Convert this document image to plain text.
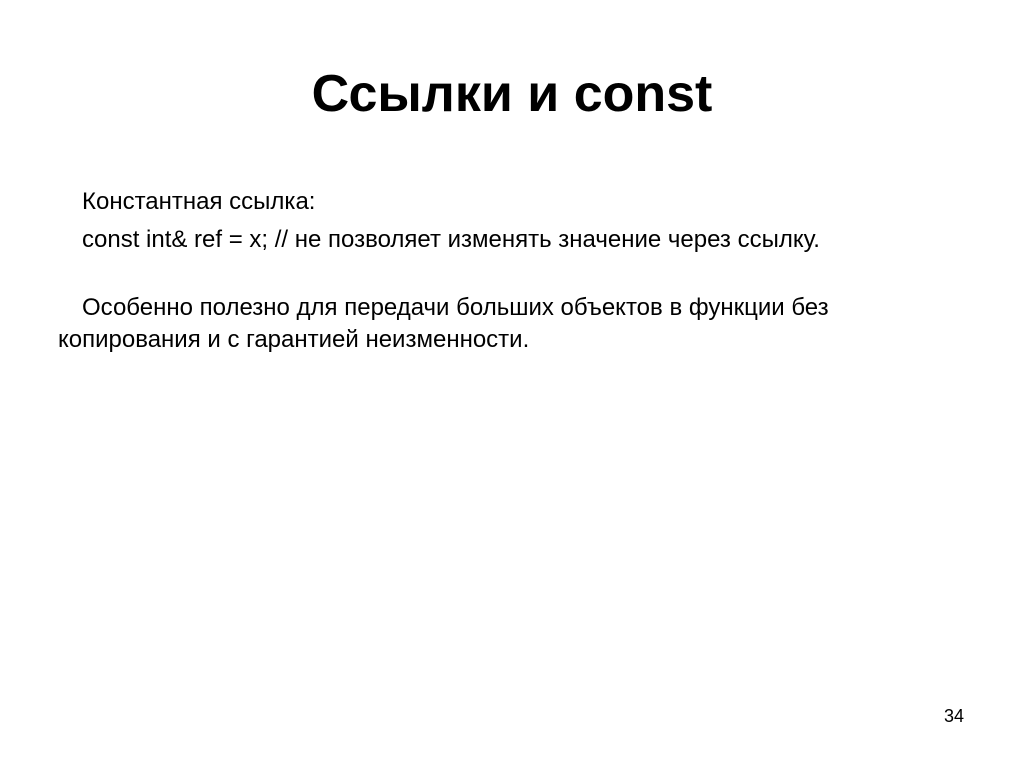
Ссылки и const
Константная ссылка:
const int& ref = x; // не позволяет изменять значение через ссылку.
Особенно полезно для передачи больших объектов в функции без
копирования и с гарантией неизменности.
34
